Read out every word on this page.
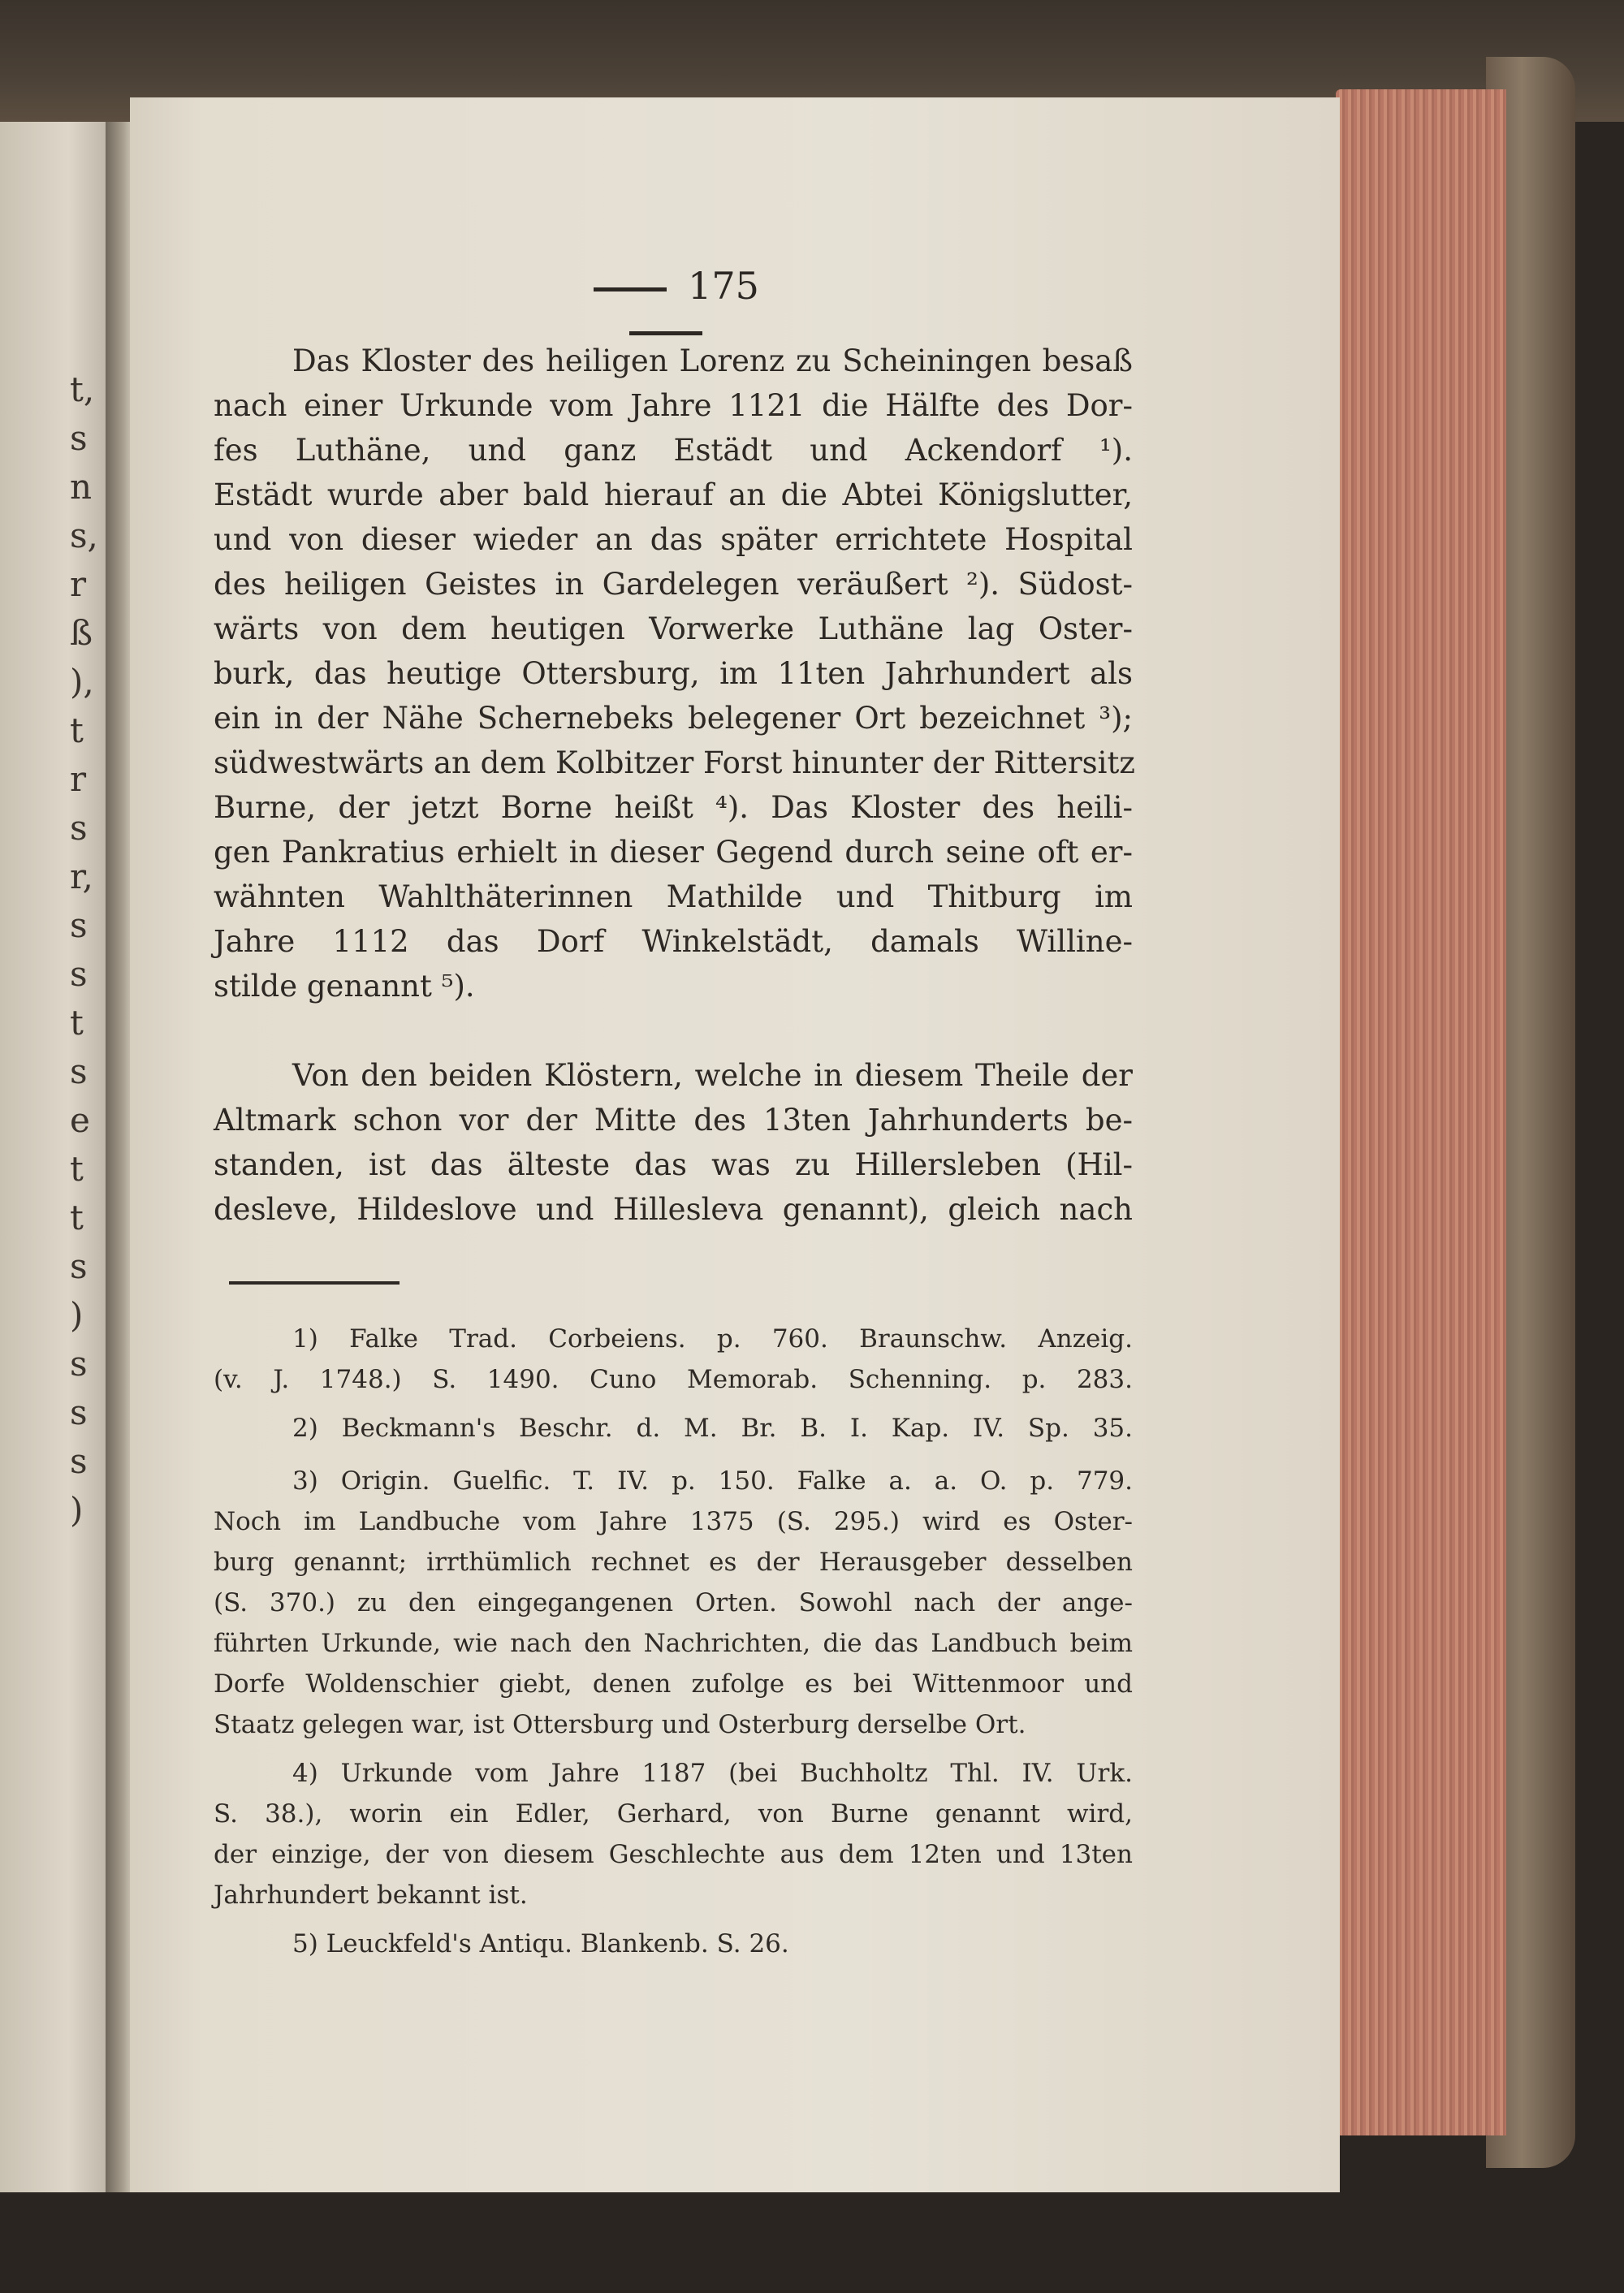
t,
s
n
s,
r
ß
),
t
r
s
r,
s
s
t
s
e
t
t
s
)
s
s
s
)
175
Das Kloster des heiligen Lorenz zu Scheiningen besaß
nach einer Urkunde vom Jahre 1121 die Hälfte des Dor-
fes Luthäne, und ganz Estädt und Ackendorf ¹).
Estädt wurde aber bald hierauf an die Abtei Königslutter,
und von dieser wieder an das später errichtete Hospital
des heiligen Geistes in Gardelegen veräußert ²). Südost-
wärts von dem heutigen Vorwerke Luthäne lag Oster-
burk, das heutige Ottersburg, im 11ten Jahrhundert als
ein in der Nähe Schernebeks belegener Ort bezeichnet ³);
südwestwärts an dem Kolbitzer Forst hinunter der Rittersitz
Burne, der jetzt Borne heißt ⁴). Das Kloster des heili-
gen Pankratius erhielt in dieser Gegend durch seine oft er-
wähnten Wahlthäterinnen Mathilde und Thitburg im
Jahre 1112 das Dorf Winkelstädt, damals Willine-
stilde genannt ⁵).
Von den beiden Klöstern, welche in diesem Theile der
Altmark schon vor der Mitte des 13ten Jahrhunderts be-
standen, ist das älteste das was zu Hillersleben (Hil-
desleve, Hildeslove und Hillesleva genannt), gleich nach
1) Falke Trad. Corbeiens. p. 760. Braunschw. Anzeig.
(v. J. 1748.) S. 1490. Cuno Memorab. Schenning. p. 283.
2) Beckmann's Beschr. d. M. Br. B. I. Kap. IV. Sp. 35.
3) Origin. Guelfic. T. IV. p. 150. Falke a. a. O. p. 779.
Noch im Landbuche vom Jahre 1375 (S. 295.) wird es Oster-
burg genannt; irrthümlich rechnet es der Herausgeber desselben
(S. 370.) zu den eingegangenen Orten. Sowohl nach der ange-
führten Urkunde, wie nach den Nachrichten, die das Landbuch beim
Dorfe Woldenschier giebt, denen zufolge es bei Wittenmoor und
Staatz gelegen war, ist Ottersburg und Osterburg derselbe Ort.
4) Urkunde vom Jahre 1187 (bei Buchholtz Thl. IV. Urk.
S. 38.), worin ein Edler, Gerhard, von Burne genannt wird,
der einzige, der von diesem Geschlechte aus dem 12ten und 13ten
Jahrhundert bekannt ist.
5) Leuckfeld's Antiqu. Blankenb. S. 26.
